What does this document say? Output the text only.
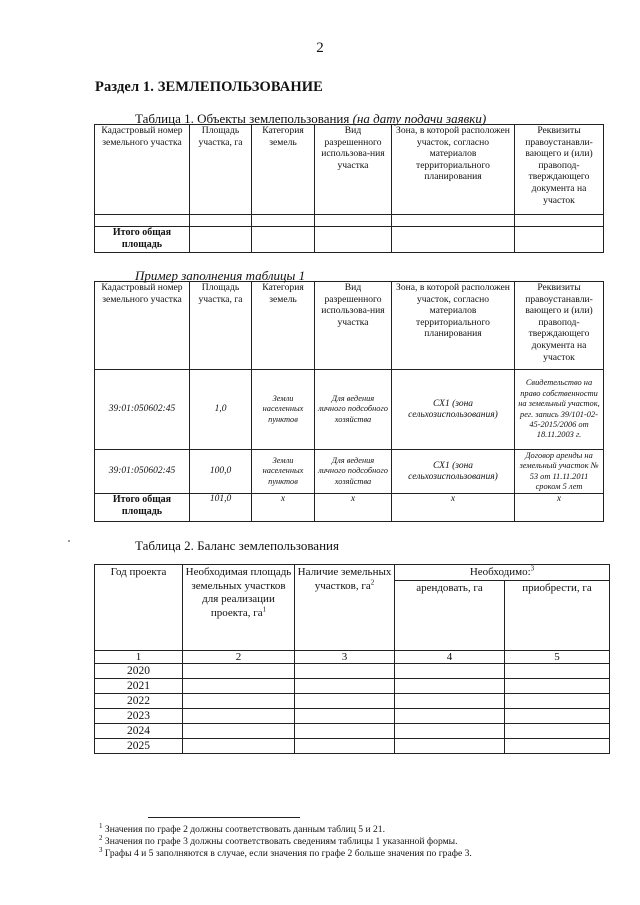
2
Раздел 1. ЗЕМЛЕПОЛЬЗОВАНИЕ
Таблица 1. Объекты землепользования (на дату подачи заявки)
Кадастровый номер земельного участка	Площадь участка, га	Категория земель	Вид разрешенного использова-ния участка	Зона, в которой расположен участок, согласно материалов территориального планирования	Реквизиты правоустанавли-вающего и (или) правопод-тверждающего документа на участок

Итого общая площадь					
Пример заполнения таблицы 1
Кадастровый номер земельного участка	Площадь участка, га	Категория земель	Вид разрешенного использова-ния участка	Зона, в которой расположен участок, согласно материалов территориального планирования	Реквизиты правоустанавли-вающего и (или) правопод-тверждающего документа на участок
39:01:050602:45	1,0	Земли населенных пунктов	Для ведения личного подсобного хозяйства	СХ1 (зона сельхозиспользования)	Свидетельство на право собственности на земельный участок, рег. запись 39/101-02-45-2015/2006 от 18.11.2003 г.
39:01:050602:45	100,0	Земли населенных пунктов	Для ведения личного подсобного хозяйства	СХ1 (зона сельхозиспользования)	Договор аренды на земельный участок № 53 от 11.11.2011 сроком 5 лет
Итого общая площадь	101,0	х	х	х	х
Таблица 2. Баланс землепользования
Год проекта	Необходимая площадь земельных участков для реализации проекта, $га^1$	Наличие земельных участков, $га^2$	Необходимо:$^3$
			арендовать, га	приобрести, га
1	2	3	4	5
2020				
2021				
2022				
2023				
2024				
2025				
$^1$ Значения по графе 2 должны соответствовать данным таблиц 5 и 21.
$^2$ Значения по графе 3 должны соответствовать сведениям таблицы 1 указанной формы.
$^3$ Графы 4 и 5 заполняются в случае, если значения по графе 2 больше значения по графе 3.
